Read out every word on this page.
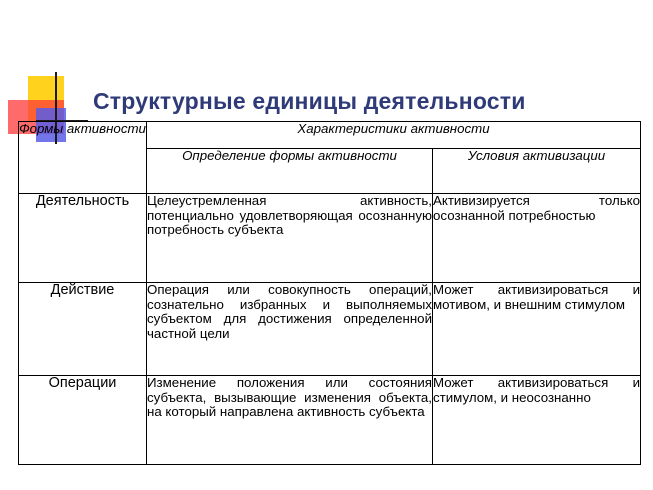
Структурные единицы деятельности
Формы активности	Характеристики активности	
	Определение формы активности	Условия активизации
Деятельность	Целеустремленная активность, потенциально удовлетворяющая осознанную потребность субъекта	Активизируется только осознанной потребностью
Действие	Операция или совокупность операций, сознательно избранных и выполняемых субъектом для достижения определенной частной цели	Может активизироваться и мотивом, и внешним стимулом
Операции	Изменение положения или состояния субъекта, вызывающие изменения объекта, на который направлена активность субъекта	Может активизироваться и стимулом, и неосознанно
